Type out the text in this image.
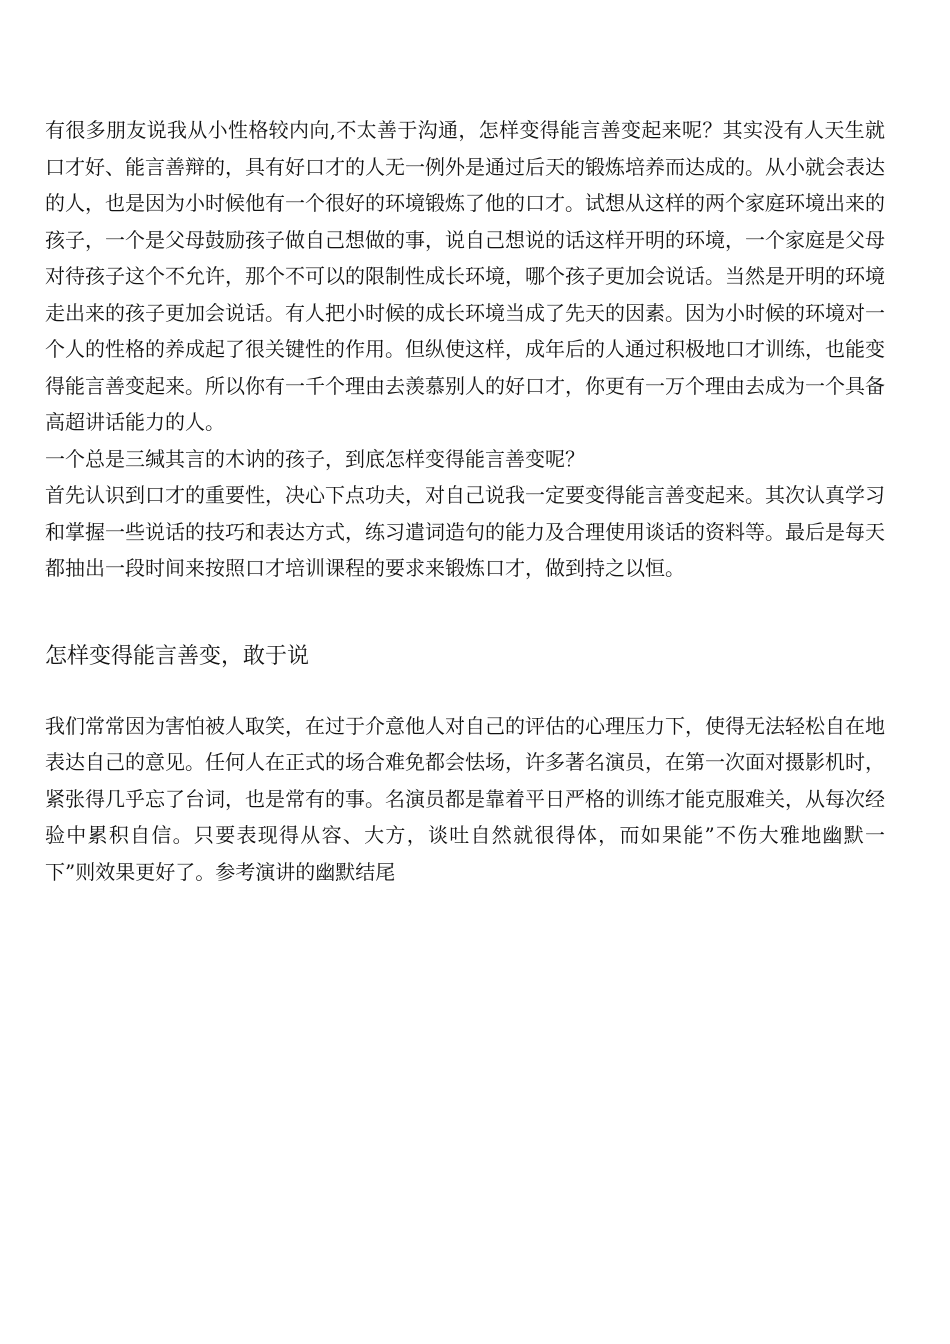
有很多朋友说我从小性格较内向,不太善于沟通，怎样变得能言善变起来呢？其实没有人天生就口才好、能言善辩的，具有好口才的人无一例外是通过后天的锻炼培养而达成的。从小就会表达的人，也是因为小时候他有一个很好的环境锻炼了他的口才。试想从这样的两个家庭环境出来的孩子，一个是父母鼓励孩子做自己想做的事，说自己想说的话这样开明的环境，一个家庭是父母对待孩子这个不允许，那个不可以的限制性成长环境，哪个孩子更加会说话。当然是开明的环境走出来的孩子更加会说话。有人把小时候的成长环境当成了先天的因素。因为小时候的环境对一个人的性格的养成起了很关键性的作用。但纵使这样，成年后的人通过积极地口才训练，也能变得能言善变起来。所以你有一千个理由去羡慕别人的好口才，你更有一万个理由去成为一个具备高超讲话能力的人。

一个总是三缄其言的木讷的孩子，到底怎样变得能言善变呢？

首先认识到口才的重要性，决心下点功夫，对自己说我一定要变得能言善变起来。其次认真学习和掌握一些说话的技巧和表达方式，练习遣词造句的能力及合理使用谈话的资料等。最后是每天都抽出一段时间来按照口才培训课程的要求来锻炼口才，做到持之以恒。

怎样变得能言善变，敢于说

我们常常因为害怕被人取笑，在过于介意他人对自己的评估的心理压力下，使得无法轻松自在地表达自己的意见。任何人在正式的场合难免都会怯场，许多著名演员，在第一次面对摄影机时，紧张得几乎忘了台词，也是常有的事。名演员都是靠着平日严格的训练才能克服难关，从每次经验中累积自信。只要表现得从容、大方，谈吐自然就很得体，而如果能”不伤大雅地幽默一下”则效果更好了。参考演讲的幽默结尾
